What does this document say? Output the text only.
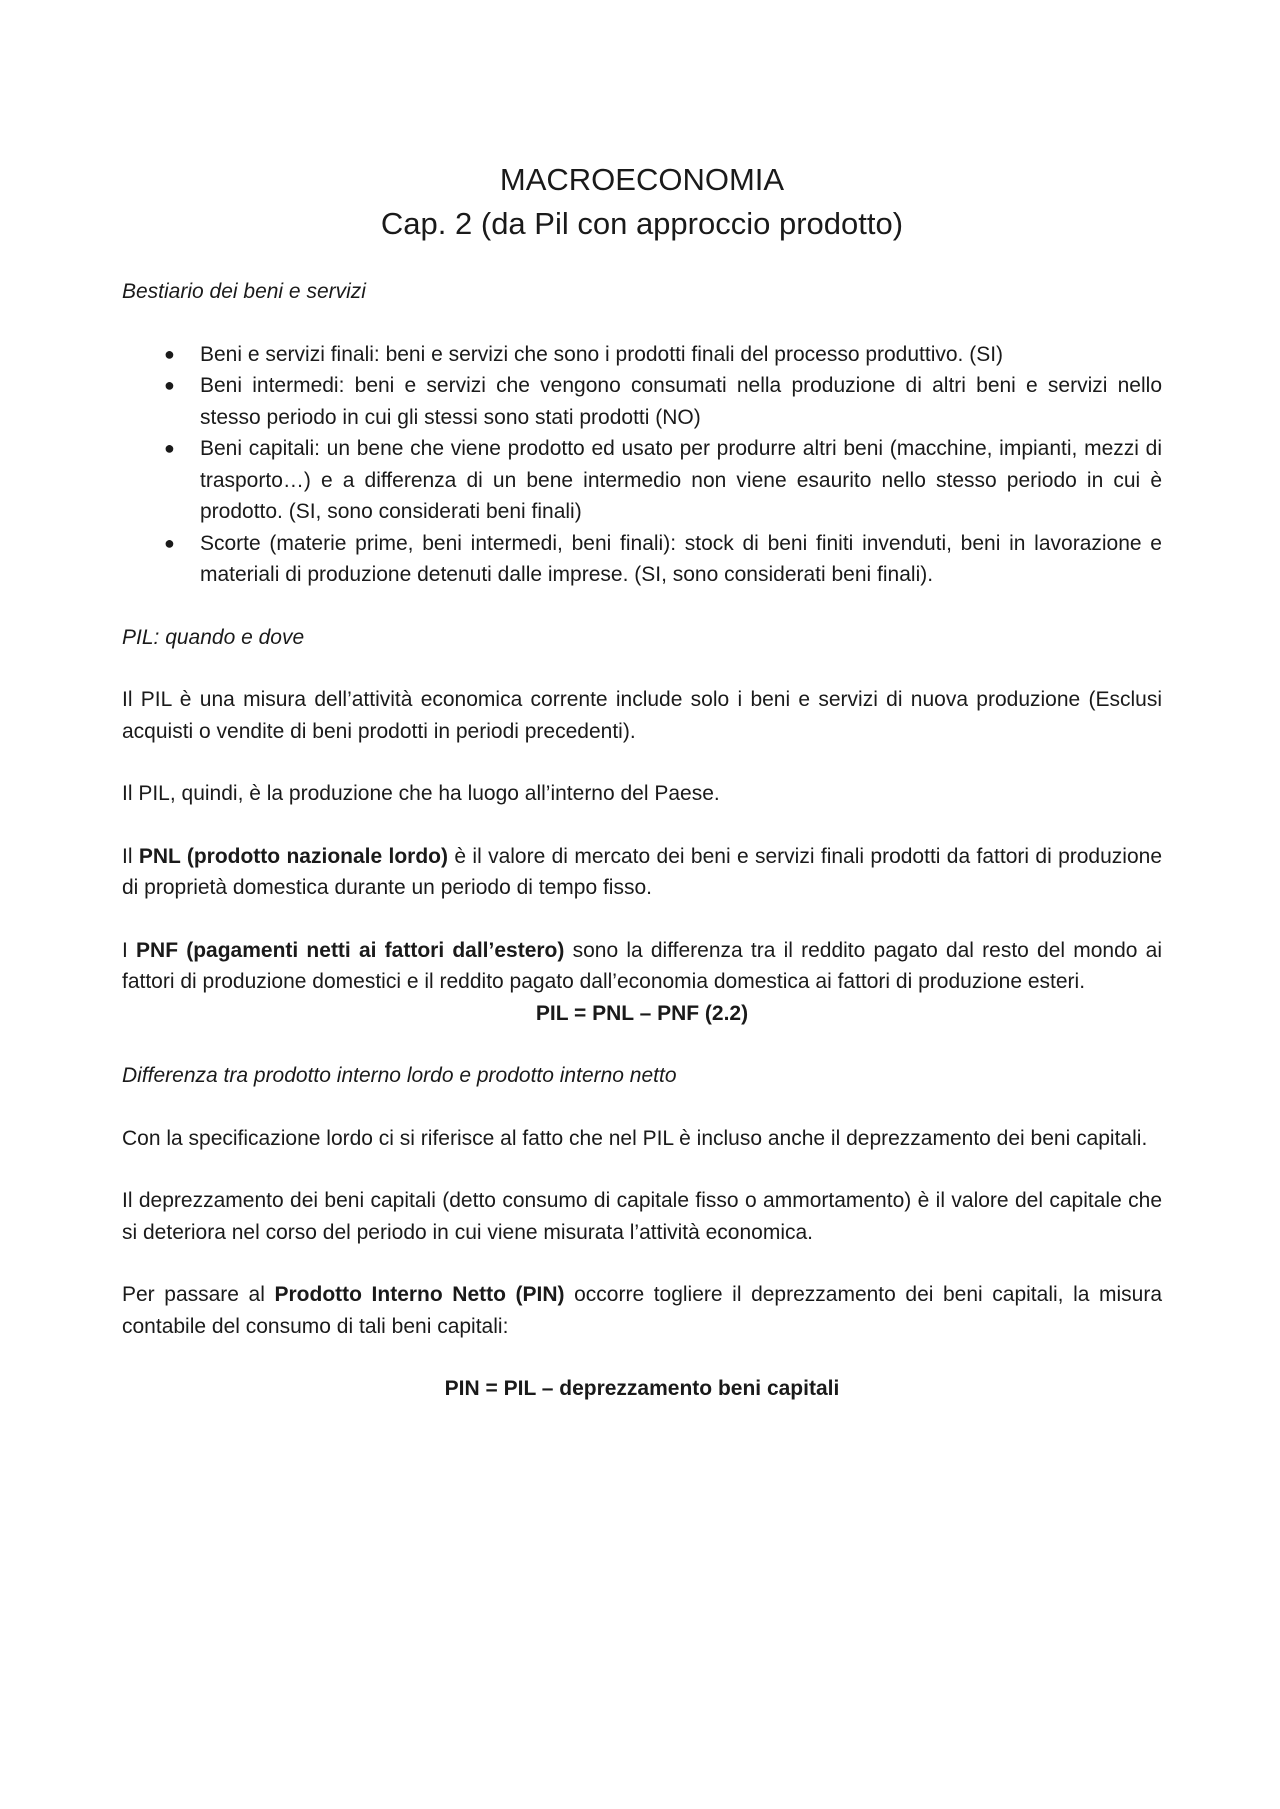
MACROECONOMIA
Cap. 2 (da Pil con approccio prodotto)
Bestiario dei beni e servizi
● Beni e servizi finali: beni e servizi che sono i prodotti finali del processo produttivo. (SI)
● Beni intermedi: beni e servizi che vengono consumati nella produzione di altri beni e servizi nello stesso periodo in cui gli stessi sono stati prodotti (NO)
● Beni capitali: un bene che viene prodotto ed usato per produrre altri beni (macchine, impianti, mezzi di trasporto…) e a differenza di un bene intermedio non viene esaurito nello stesso periodo in cui è prodotto. (SI, sono considerati beni finali)
● Scorte (materie prime, beni intermedi, beni finali): stock di beni finiti invenduti, beni in lavorazione e materiali di produzione detenuti dalle imprese. (SI, sono considerati beni finali).
PIL: quando e dove

Il PIL è una misura dell’attività economica corrente include solo i beni e servizi di nuova produzione (Esclusi acquisti o vendite di beni prodotti in periodi precedenti).

Il PIL, quindi, è la produzione che ha luogo all’interno del Paese.

Il PNL (prodotto nazionale lordo) è il valore di mercato dei beni e servizi finali prodotti da fattori di produzione di proprietà domestica durante un periodo di tempo fisso.

I PNF (pagamenti netti ai fattori dall’estero) sono la differenza tra il reddito pagato dal resto del mondo ai fattori di produzione domestici e il reddito pagato dall’economia domestica ai fattori di produzione esteri.

PIL = PNL – PNF (2.2)
Differenza tra prodotto interno lordo e prodotto interno netto

Con la specificazione lordo ci si riferisce al fatto che nel PIL è incluso anche il deprezzamento dei beni capitali.

Il deprezzamento dei beni capitali (detto consumo di capitale fisso o ammortamento) è il valore del capitale che si deteriora nel corso del periodo in cui viene misurata l’attività economica.

Per passare al Prodotto Interno Netto (PIN) occorre togliere il deprezzamento dei beni capitali, la misura contabile del consumo di tali beni capitali:

PIN = PIL – deprezzamento beni capitali
